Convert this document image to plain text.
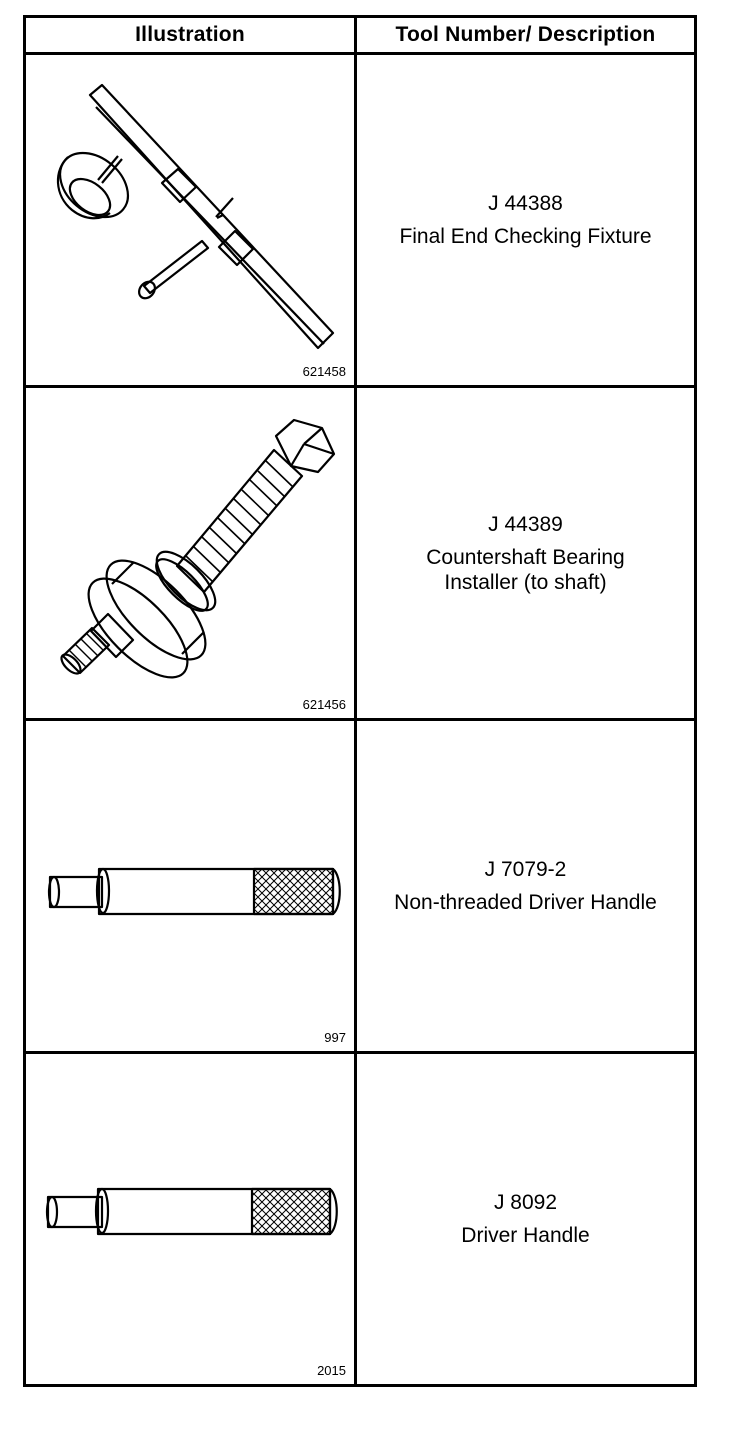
Illustration	Tool Number/ Description

621458	J 44388
Final End Checking Fixture

621456	J 44389
Countershaft Bearing
Installer (to shaft)

997	J 7079-2
Non-threaded Driver Handle

2015	J 8092
Driver Handle
